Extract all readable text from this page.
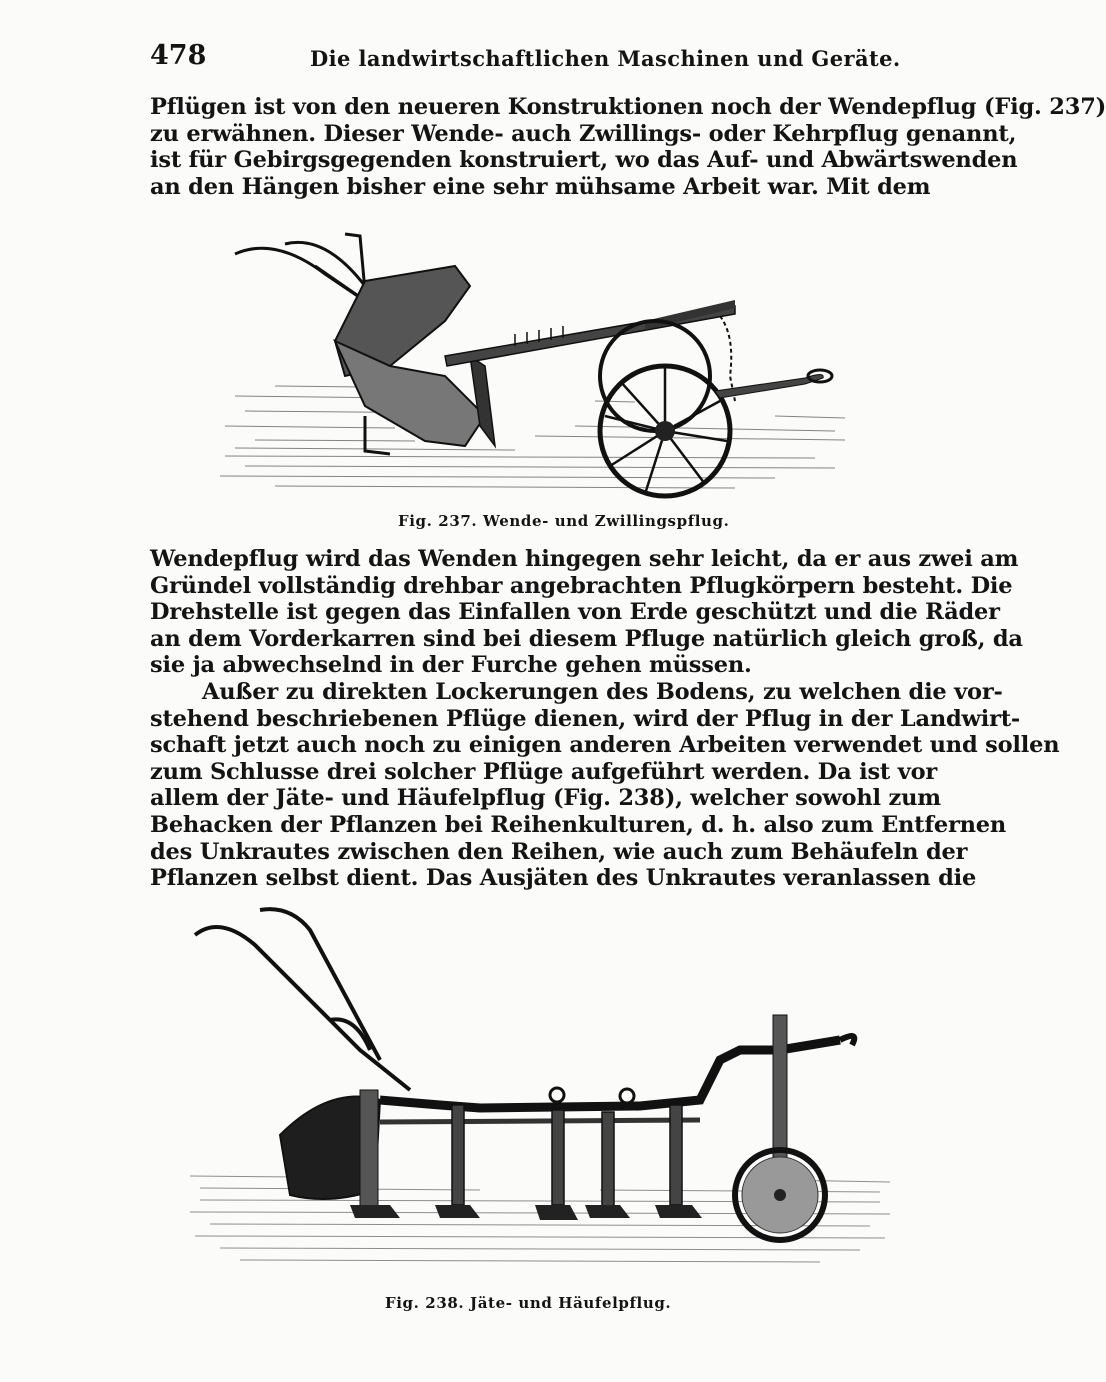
478	Die landwirtschaftlichen Maschinen und Geräte.
Pflügen ist von den neueren Konstruktionen noch der Wendepflug (Fig. 237)
zu erwähnen. Dieser Wende- auch Zwillings- oder Kehrpflug genannt,
ist für Gebirgsgegenden konstruiert, wo das Auf- und Abwärtswenden
an den Hängen bisher eine sehr mühsame Arbeit war. Mit dem
Fig. 237. Wende- und Zwillingspflug.
Wendepflug wird das Wenden hingegen sehr leicht, da er aus zwei am
Gründel vollständig drehbar angebrachten Pflugkörpern besteht. Die
Drehstelle ist gegen das Einfallen von Erde geschützt und die Räder
an dem Vorderkarren sind bei diesem Pfluge natürlich gleich groß, da
sie ja abwechselnd in der Furche gehen müssen.
Außer zu direkten Lockerungen des Bodens, zu welchen die vor-
stehend beschriebenen Pflüge dienen, wird der Pflug in der Landwirt-
schaft jetzt auch noch zu einigen anderen Arbeiten verwendet und sollen
zum Schlusse drei solcher Pflüge aufgeführt werden. Da ist vor
allem der Jäte- und Häufelpflug (Fig. 238), welcher sowohl zum
Behacken der Pflanzen bei Reihenkulturen, d. h. also zum Entfernen
des Unkrautes zwischen den Reihen, wie auch zum Behäufeln der
Pflanzen selbst dient. Das Ausjäten des Unkrautes veranlassen die
Fig. 238. Jäte- und Häufelpflug.
